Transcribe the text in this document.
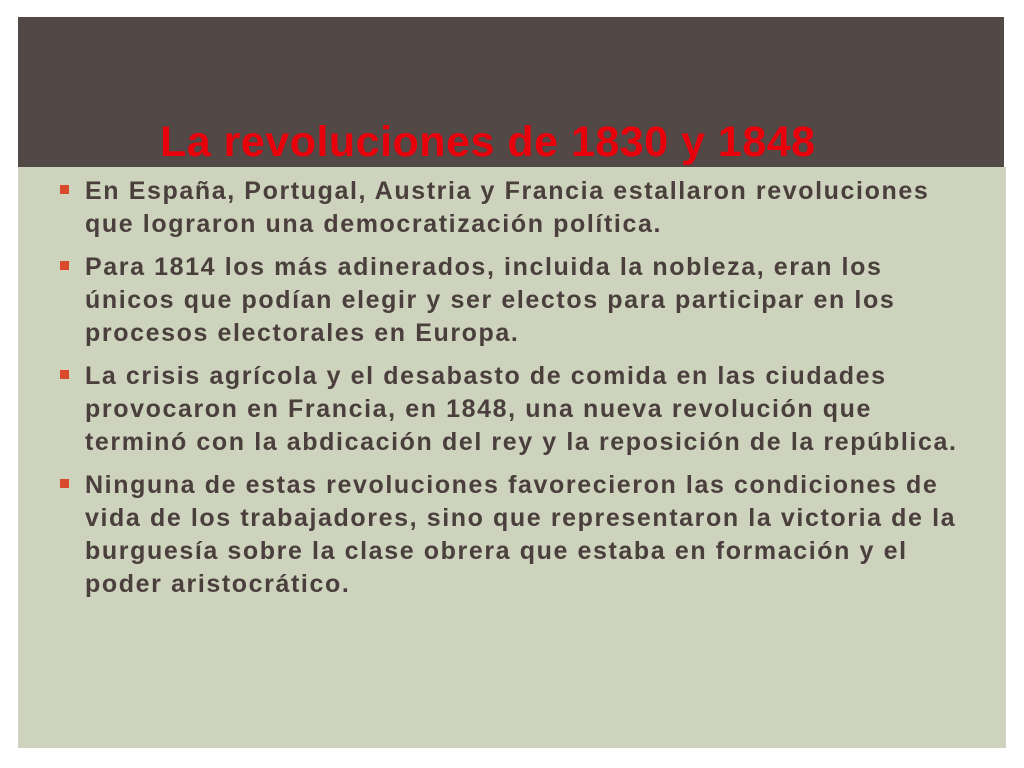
La revoluciones de 1830 y 1848
En España, Portugal, Austria y Francia estallaron revoluciones que lograron una democratización política.
Para 1814 los más adinerados, incluida la nobleza, eran los únicos que podían elegir y ser electos para participar en los procesos electorales en Europa.
La crisis agrícola y el desabasto de comida en las ciudades provocaron en Francia, en 1848, una nueva revolución que terminó con la abdicación del rey y la reposición de la república.
Ninguna de estas revoluciones favorecieron las condiciones de vida de los trabajadores, sino que representaron la victoria de la burguesía sobre la clase obrera que estaba en formación y el poder aristocrático.
